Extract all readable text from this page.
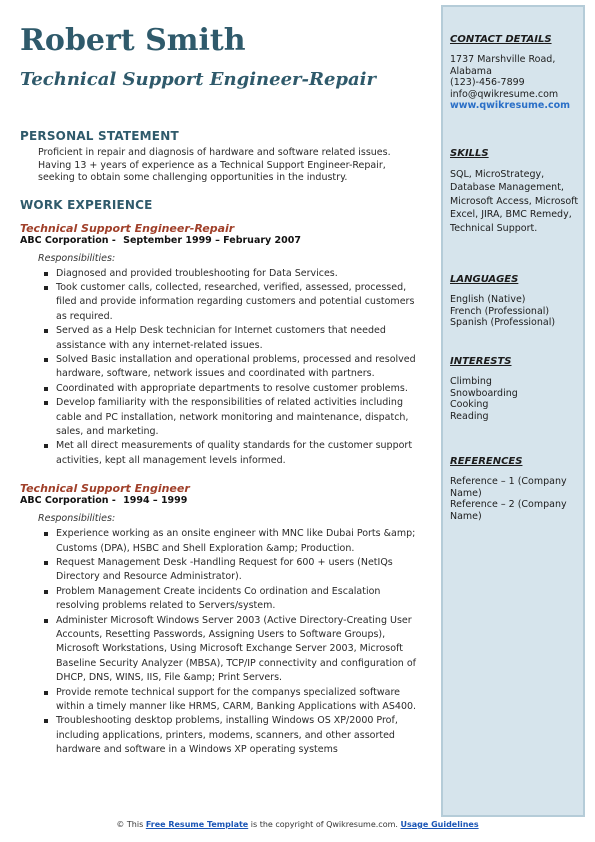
Robert Smith
Technical Support Engineer-Repair
PERSONAL STATEMENT

Proficient in repair and diagnosis of hardware and software related issues. Having 13 + years of experience as a Technical Support Engineer-Repair, seeking to obtain some challenging opportunities in the industry.

WORK EXPERIENCE
Technical Support Engineer-Repair
ABC Corporation - September 1999 – February 2007
Responsibilities:
Diagnosed and provided troubleshooting for Data Services.
Took customer calls, collected, researched, verified, assessed, processed, filed and provide information regarding customers and potential customers as required.
Served as a Help Desk technician for Internet customers that needed assistance with any internet-related issues.
Solved Basic installation and operational problems, processed and resolved hardware, software, network issues and coordinated with partners.
Coordinated with appropriate departments to resolve customer problems.
Develop familiarity with the responsibilities of related activities including cable and PC installation, network monitoring and maintenance, dispatch, sales, and marketing.
Met all direct measurements of quality standards for the customer support activities, kept all management levels informed.
Technical Support Engineer
ABC Corporation - 1994 – 1999
Responsibilities:
Experience working as an onsite engineer with MNC like Dubai Ports &amp; Customs (DPA), HSBC and Shell Exploration &amp; Production.
Request Management Desk -Handling Request for 600 + users (NetIQs Directory and Resource Administrator).
Problem Management Create incidents Co ordination and Escalation resolving problems related to Servers/system.
Administer Microsoft Windows Server 2003 (Active Directory-Creating User Accounts, Resetting Passwords, Assigning Users to Software Groups), Microsoft Workstations, Using Microsoft Exchange Server 2003, Microsoft Baseline Security Analyzer (MBSA), TCP/IP connectivity and configuration of DHCP, DNS, WINS, IIS, File &amp; Print Servers.
Provide remote technical support for the companys specialized software within a timely manner like HRMS, CARM, Banking Applications with AS400.
Troubleshooting desktop problems, installing Windows OS XP/2000 Prof, including applications, printers, modems, scanners, and other assorted hardware and software in a Windows XP operating systems
CONTACT DETAILS
1737 Marshville Road,
Alabama
(123)-456-7899
info@qwikresume.com
www.qwikresume.com
SKILLS
SQL, MicroStrategy, Database Management, Microsoft Access, Microsoft Excel, JIRA, BMC Remedy, Technical Support.
LANGUAGES
English (Native)
French (Professional)
Spanish (Professional)
INTERESTS
Climbing
Snowboarding
Cooking
Reading
REFERENCES
Reference – 1 (Company Name)
Reference – 2 (Company Name)
© This Free Resume Template is the copyright of Qwikresume.com. Usage Guidelines
